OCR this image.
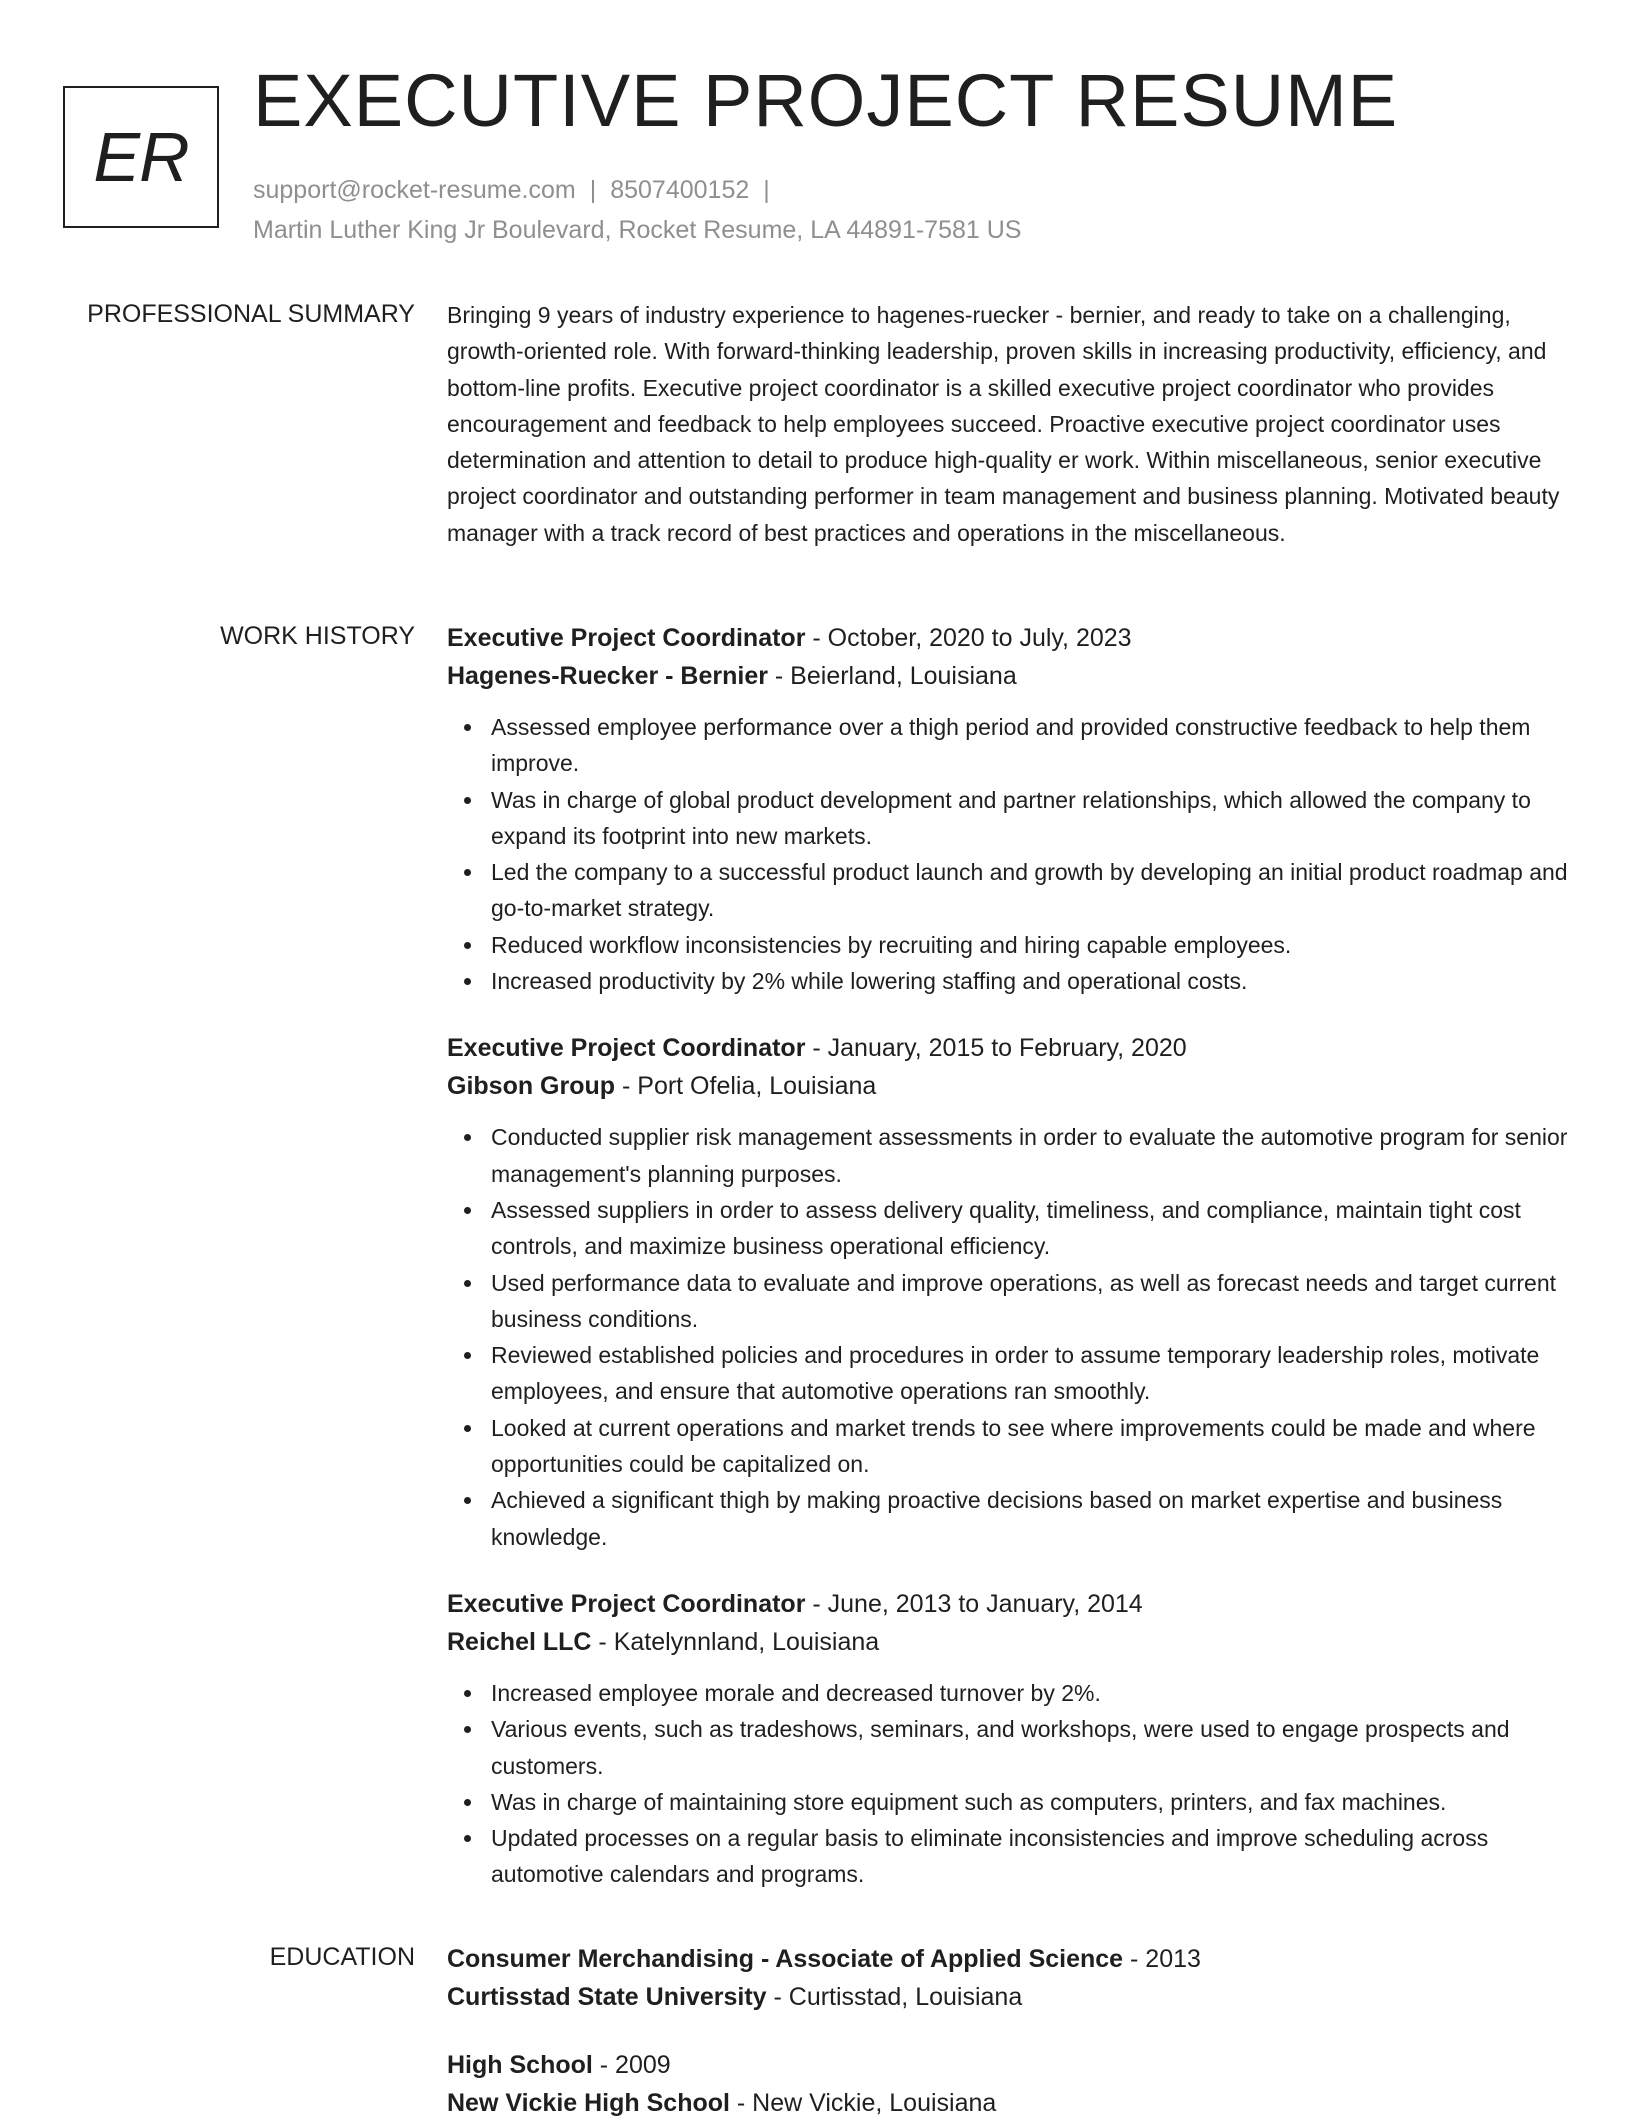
ER
EXECUTIVE PROJECT RESUME
support@rocket-resume.com | 8507400152 |
Martin Luther King Jr Boulevard, Rocket Resume, LA 44891-7581 US
PROFESSIONAL SUMMARY Bringing 9 years of industry experience to hagenes-ruecker - bernier, and ready to take on a challenging, growth-oriented role. With forward-thinking leadership, proven skills in increasing productivity, efficiency, and bottom-line profits. Executive project coordinator is a skilled executive project coordinator who provides encouragement and feedback to help employees succeed. Proactive executive project coordinator uses determination and attention to detail to produce high-quality er work. Within miscellaneous, senior executive project coordinator and outstanding performer in team management and business planning. Motivated beauty manager with a track record of best practices and operations in the miscellaneous.

WORK HISTORY Executive Project Coordinator - October, 2020 to July, 2023
Hagenes-Ruecker - Bernier - Beierland, Louisiana
Assessed employee performance over a thigh period and provided constructive feedback to help them improve.
Was in charge of global product development and partner relationships, which allowed the company to expand its footprint into new markets.
Led the company to a successful product launch and growth by developing an initial product roadmap and go-to-market strategy.
Reduced workflow inconsistencies by recruiting and hiring capable employees.
Increased productivity by 2% while lowering staffing and operational costs.
Executive Project Coordinator - January, 2015 to February, 2020
Gibson Group - Port Ofelia, Louisiana
Conducted supplier risk management assessments in order to evaluate the automotive program for senior management's planning purposes.
Assessed suppliers in order to assess delivery quality, timeliness, and compliance, maintain tight cost controls, and maximize business operational efficiency.
Used performance data to evaluate and improve operations, as well as forecast needs and target current business conditions.
Reviewed established policies and procedures in order to assume temporary leadership roles, motivate employees, and ensure that automotive operations ran smoothly.
Looked at current operations and market trends to see where improvements could be made and where opportunities could be capitalized on.
Achieved a significant thigh by making proactive decisions based on market expertise and business knowledge.
Executive Project Coordinator - June, 2013 to January, 2014
Reichel LLC - Katelynnland, Louisiana
Increased employee morale and decreased turnover by 2%.
Various events, such as tradeshows, seminars, and workshops, were used to engage prospects and customers.
Was in charge of maintaining store equipment such as computers, printers, and fax machines.
Updated processes on a regular basis to eliminate inconsistencies and improve scheduling across automotive calendars and programs.
EDUCATION Consumer Merchandising - Associate of Applied Science - 2013
Curtisstad State University - Curtisstad, Louisiana
High School - 2009
New Vickie High School - New Vickie, Louisiana
